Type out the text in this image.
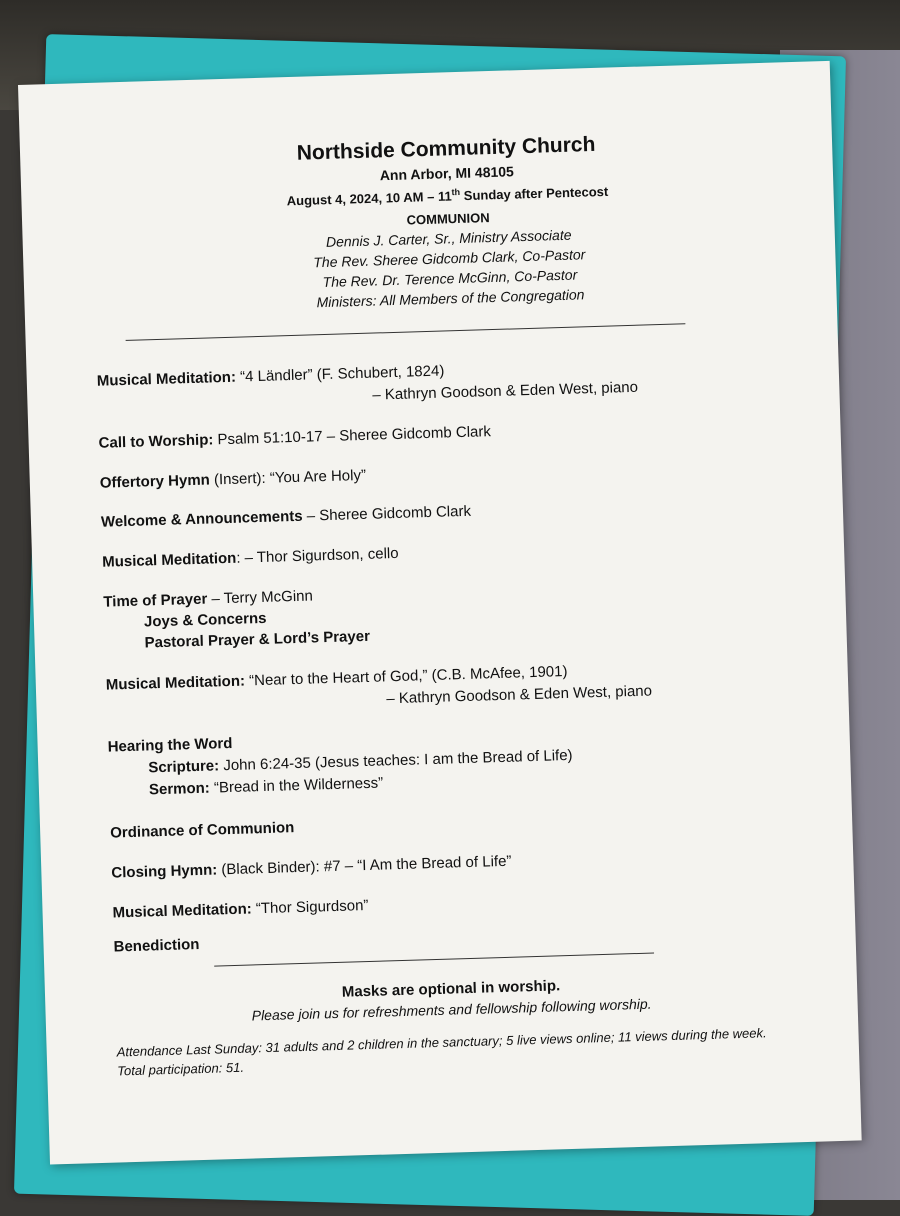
Northside Community Church
Ann Arbor, MI 48105
August 4, 2024, 10 AM – 11th Sunday after Pentecost
COMMUNION
Dennis J. Carter, Sr., Ministry Associate
The Rev. Sheree Gidcomb Clark, Co-Pastor
The Rev. Dr. Terence McGinn, Co-Pastor
Ministers: All Members of the Congregation
Musical Meditation: “4 Ländler” (F. Schubert, 1824)
– Kathryn Goodson & Eden West, piano
Call to Worship: Psalm 51:10-17 – Sheree Gidcomb Clark
Offertory Hymn (Insert): “You Are Holy”
Welcome & Announcements – Sheree Gidcomb Clark
Musical Meditation: – Thor Sigurdson, cello
Time of Prayer – Terry McGinn
Joys & Concerns
Pastoral Prayer & Lord’s Prayer
Musical Meditation: “Near to the Heart of God,” (C.B. McAfee, 1901)
– Kathryn Goodson & Eden West, piano
Hearing the Word
Scripture: John 6:24-35 (Jesus teaches: I am the Bread of Life)
Sermon: “Bread in the Wilderness”
Ordinance of Communion
Closing Hymn: (Black Binder): #7 – “I Am the Bread of Life”
Musical Meditation: “Thor Sigurdson”
Benediction
Masks are optional in worship.
Please join us for refreshments and fellowship following worship.
Attendance Last Sunday: 31 adults and 2 children in the sanctuary; 5 live views online; 11 views during the week. Total participation: 51.
